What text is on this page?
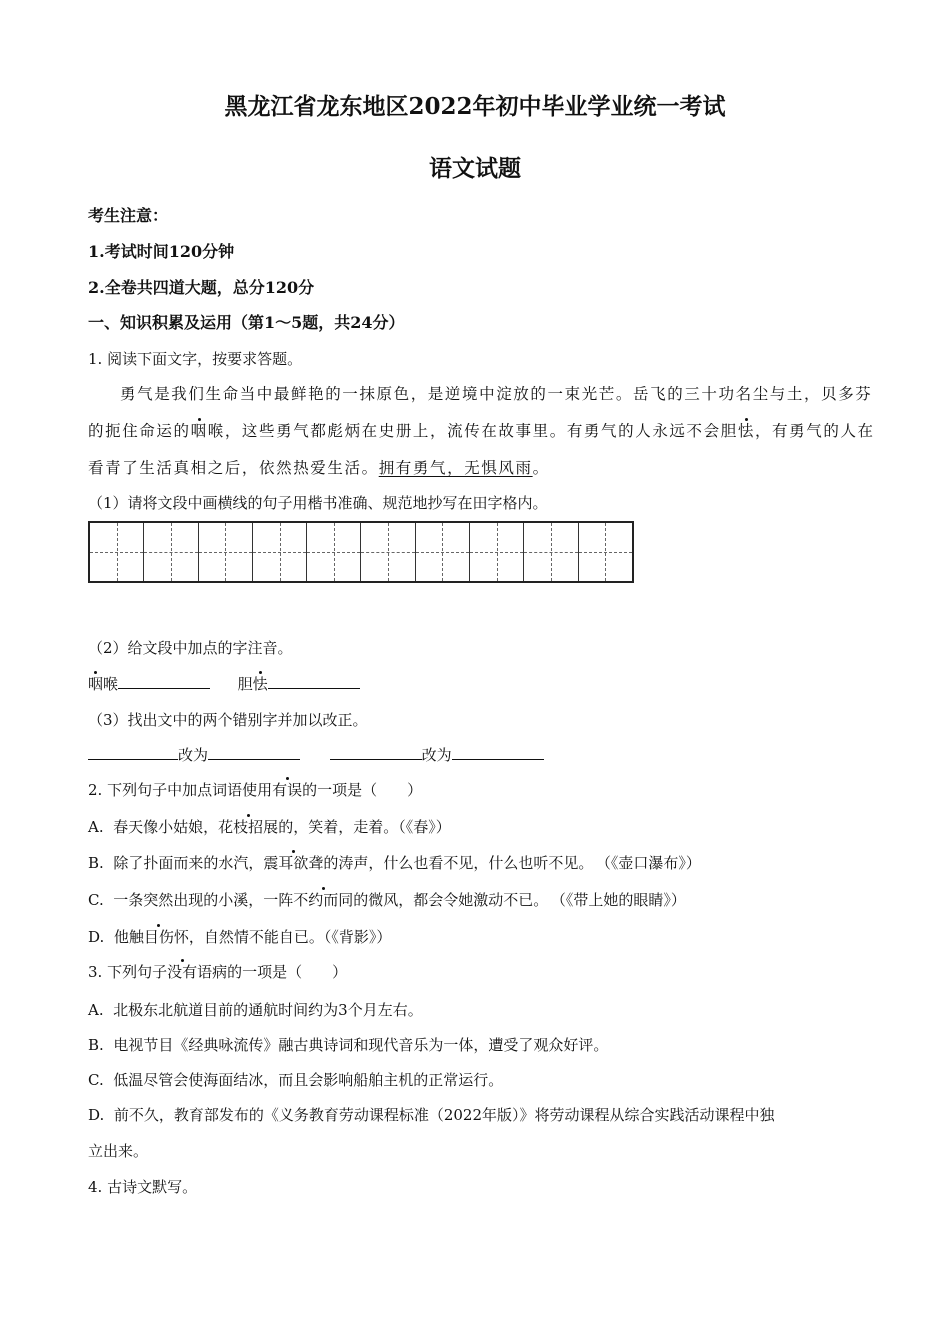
黑龙江省龙东地区2022年初中毕业学业统一考试
语文试题
考生注意：
1.考试时间120分钟
2.全卷共四道大题，总分120分
一、知识积累及运用（第1～5题，共24分）
1. 阅读下面文字，按要求答题。
勇气是我们生命当中最鲜艳的一抹原色，是逆境中淀放的一束光芒。岳飞的三十功名尘与土，贝多芬
的扼住命运的咽喉，这些勇气都彪炳在史册上，流传在故事里。有勇气的人永远不会胆怯，有勇气的人在
看青了生活真相之后，依然热爱生活。拥有勇气，无惧风雨。
（1）请将文段中画横线的句子用楷书准确、规范地抄写在田字格内。
（2）给文段中加点的字注音。
咽喉	胆怯
（3）找出文中的两个错别字并加以改正。
改为	改为
2. 下列句子中加点词语使用有误的一项是（　　）
A. 春天像小姑娘，花枝招展的，笑着，走着。（《春》）
B. 除了扑面而来的水汽，震耳欲聋的涛声，什么也看不见，什么也听不见。 （《壶口瀑布》）
C. 一条突然出现的小溪，一阵不约而同的微风，都会令她激动不已。 （《带上她的眼睛》）
D. 他触目伤怀，自然情不能自已。（《背影》）
3. 下列句子没有语病的一项是（　　）
A. 北极东北航道目前的通航时间约为3个月左右。
B. 电视节目《经典咏流传》融古典诗词和现代音乐为一体，遭受了观众好评。
C. 低温尽管会使海面结冰，而且会影响船舶主机的正常运行。
D. 前不久，教育部发布的《义务教育劳动课程标准（2022年版）》将劳动课程从综合实践活动课程中独
立出来。
4. 古诗文默写。
